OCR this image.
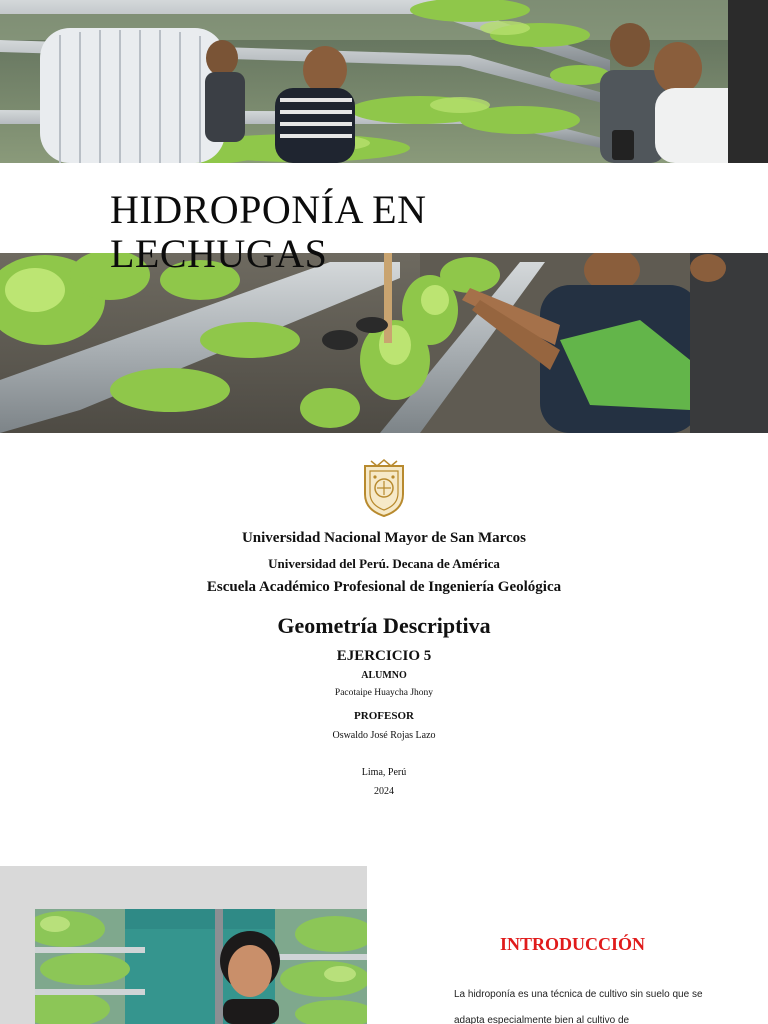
HIDROPONÍA EN LECHUGAS
Universidad Nacional Mayor de San Marcos
Universidad del Perú. Decana de América
Escuela Académico Profesional de Ingeniería Geológica
Geometría Descriptiva
EJERCICIO 5
ALUMNO
Pacotaipe Huaycha Jhony
PROFESOR
Oswaldo José Rojas Lazo
Lima, Perú
2024
INTRODUCCIÓN

La hidroponía es una técnica de cultivo sin suelo que se adapta especialmente bien al cultivo de
